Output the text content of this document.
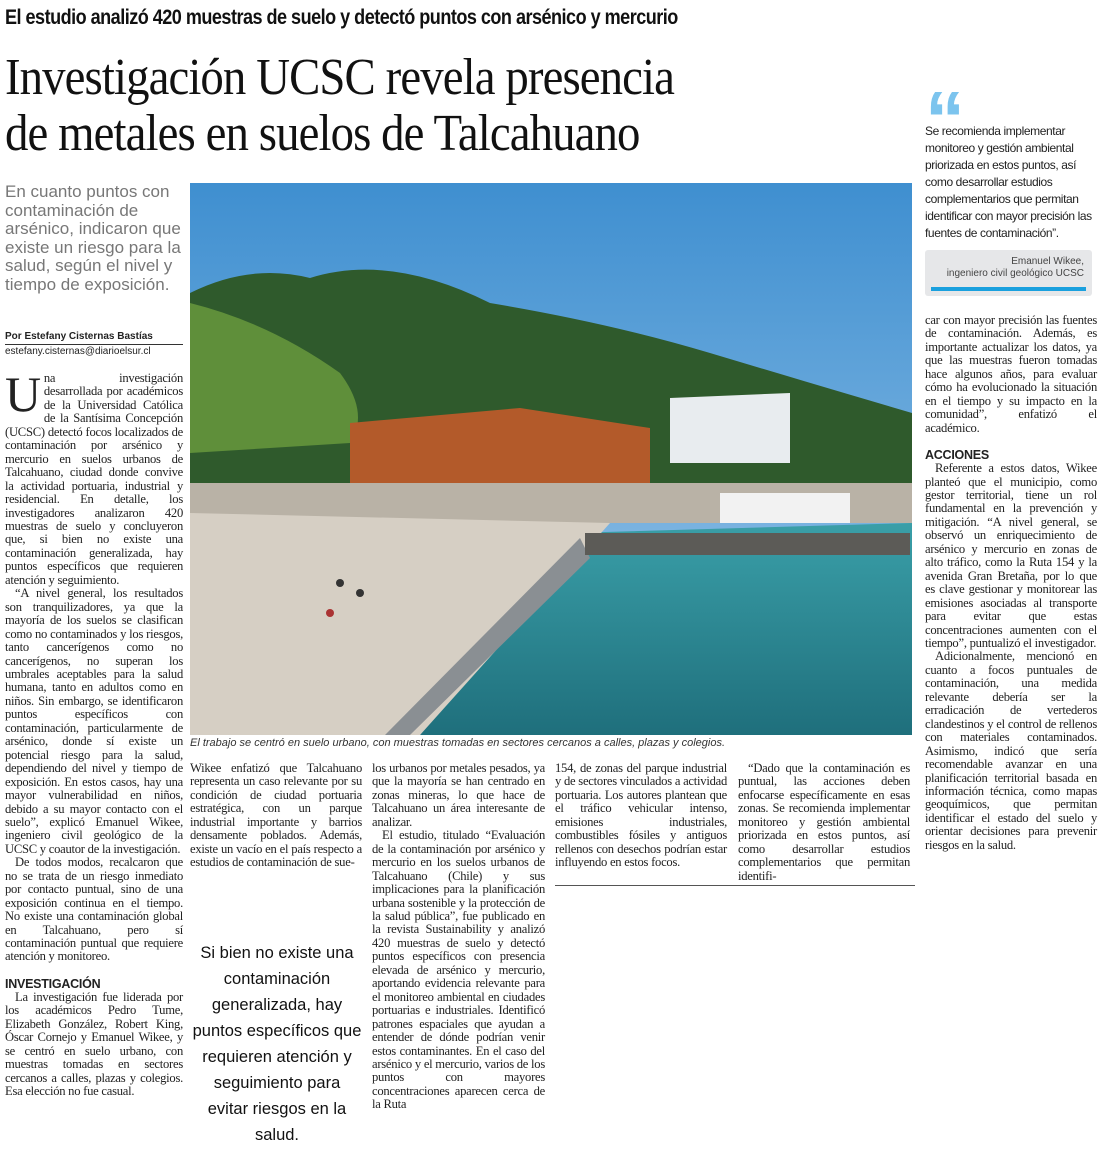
El estudio analizó 420 muestras de suelo y detectó puntos con arsénico y mercurio
Investigación UCSC revela presencia
de metales en suelos de Talcahuano
En cuanto puntos con contaminación de arsénico, indicaron que existe un riesgo para la salud, según el nivel y tiempo de exposición.
Por Estefany Cisternas Bastías
estefany.cisternas@diarioelsur.cl

Una investigación desarrollada por académicos de la Universidad Católica de la Santísima Concepción (UCSC) detectó focos localizados de contaminación por arsénico y mercurio en suelos urbanos de Talcahuano, ciudad donde convive la actividad portuaria, industrial y residencial. En detalle, los investigadores analizaron 420 muestras de suelo y concluyeron que, si bien no existe una contaminación generalizada, hay puntos específicos que requieren atención y seguimiento.

“A nivel general, los resultados son tranquilizadores, ya que la mayoría de los suelos se clasifican como no contaminados y los riesgos, tanto cancerígenos como no cancerígenos, no superan los umbrales aceptables para la salud humana, tanto en adultos como en niños. Sin embargo, se identificaron puntos específicos con contaminación, particularmente de arsénico, donde sí existe un potencial riesgo para la salud, dependiendo del nivel y tiempo de exposición. En estos casos, hay una mayor vulnerabilidad en niños, debido a su mayor contacto con el suelo”, explicó Emanuel Wikee, ingeniero civil geológico de la UCSC y coautor de la investigación.

De todos modos, recalcaron que no se trata de un riesgo inmediato por contacto puntual, sino de una exposición continua en el tiempo. No existe una contaminación global en Talcahuano, pero sí contaminación puntual que requiere atención y monitoreo.

INVESTIGACIÓN

La investigación fue liderada por los académicos Pedro Tume, Elizabeth González, Robert King, Óscar Cornejo y Emanuel Wikee, y se centró en suelo urbano, con muestras tomadas en sectores cercanos a calles, plazas y colegios. Esa elección no fue casual.

El trabajo se centró en suelo urbano, con muestras tomadas en sectores cercanos a calles, plazas y colegios.

Wikee enfatizó que Talcahuano representa un caso relevante por su condición de ciudad portuaria estratégica, con un parque industrial importante y barrios densamente poblados. Además, existe un vacío en el país respecto a estudios de contaminación de sue-

Si bien no existe una contaminación generalizada, hay puntos específicos que requieren atención y seguimiento para evitar riesgos en la salud.

los urbanos por metales pesados, ya que la mayoría se han centrado en zonas mineras, lo que hace de Talcahuano un área interesante de analizar.

El estudio, titulado “Evaluación de la contaminación por arsénico y mercurio en los suelos urbanos de Talcahuano (Chile) y sus implicaciones para la planificación urbana sostenible y la protección de la salud pública”, fue publicado en la revista Sustainability y analizó 420 muestras de suelo y detectó puntos específicos con presencia elevada de arsénico y mercurio, aportando evidencia relevante para el monitoreo ambiental en ciudades portuarias e industriales. Identificó patrones espaciales que ayudan a entender de dónde podrían venir estos contaminantes. En el caso del arsénico y el mercurio, varios de los puntos con mayores concentraciones aparecen cerca de la Ruta

154, de zonas del parque industrial y de sectores vinculados a actividad portuaria. Los autores plantean que el tráfico vehicular intenso, emisiones industriales, combustibles fósiles y antiguos rellenos con desechos podrían estar influyendo en estos focos.

“Dado que la contaminación es puntual, las acciones deben enfocarse específicamente en esas zonas. Se recomienda implementar monitoreo y gestión ambiental priorizada en estos puntos, así como desarrollar estudios complementarios que permitan identifi-

“
Se recomienda implementar monitoreo y gestión ambiental priorizada en estos puntos, así como desarrollar estudios complementarios que permitan identificar con mayor precisión las fuentes de contaminación”.
Emanuel Wikee,
ingeniero civil geológico UCSC

car con mayor precisión las fuentes de contaminación. Además, es importante actualizar los datos, ya que las muestras fueron tomadas hace algunos años, para evaluar cómo ha evolucionado la situación en el tiempo y su impacto en la comunidad”, enfatizó el académico.

ACCIONES

Referente a estos datos, Wikee planteó que el municipio, como gestor territorial, tiene un rol fundamental en la prevención y mitigación. “A nivel general, se observó un enriquecimiento de arsénico y mercurio en zonas de alto tráfico, como la Ruta 154 y la avenida Gran Bretaña, por lo que es clave gestionar y monitorear las emisiones asociadas al transporte para evitar que estas concentraciones aumenten con el tiempo”, puntualizó el investigador.

Adicionalmente, mencionó en cuanto a focos puntuales de contaminación, una medida relevante debería ser la erradicación de vertederos clandestinos y el control de rellenos con materiales contaminados. Asimismo, indicó que sería recomendable avanzar en una planificación territorial basada en información técnica, como mapas geoquímicos, que permitan identificar el estado del suelo y orientar decisiones para prevenir riesgos en la salud.
